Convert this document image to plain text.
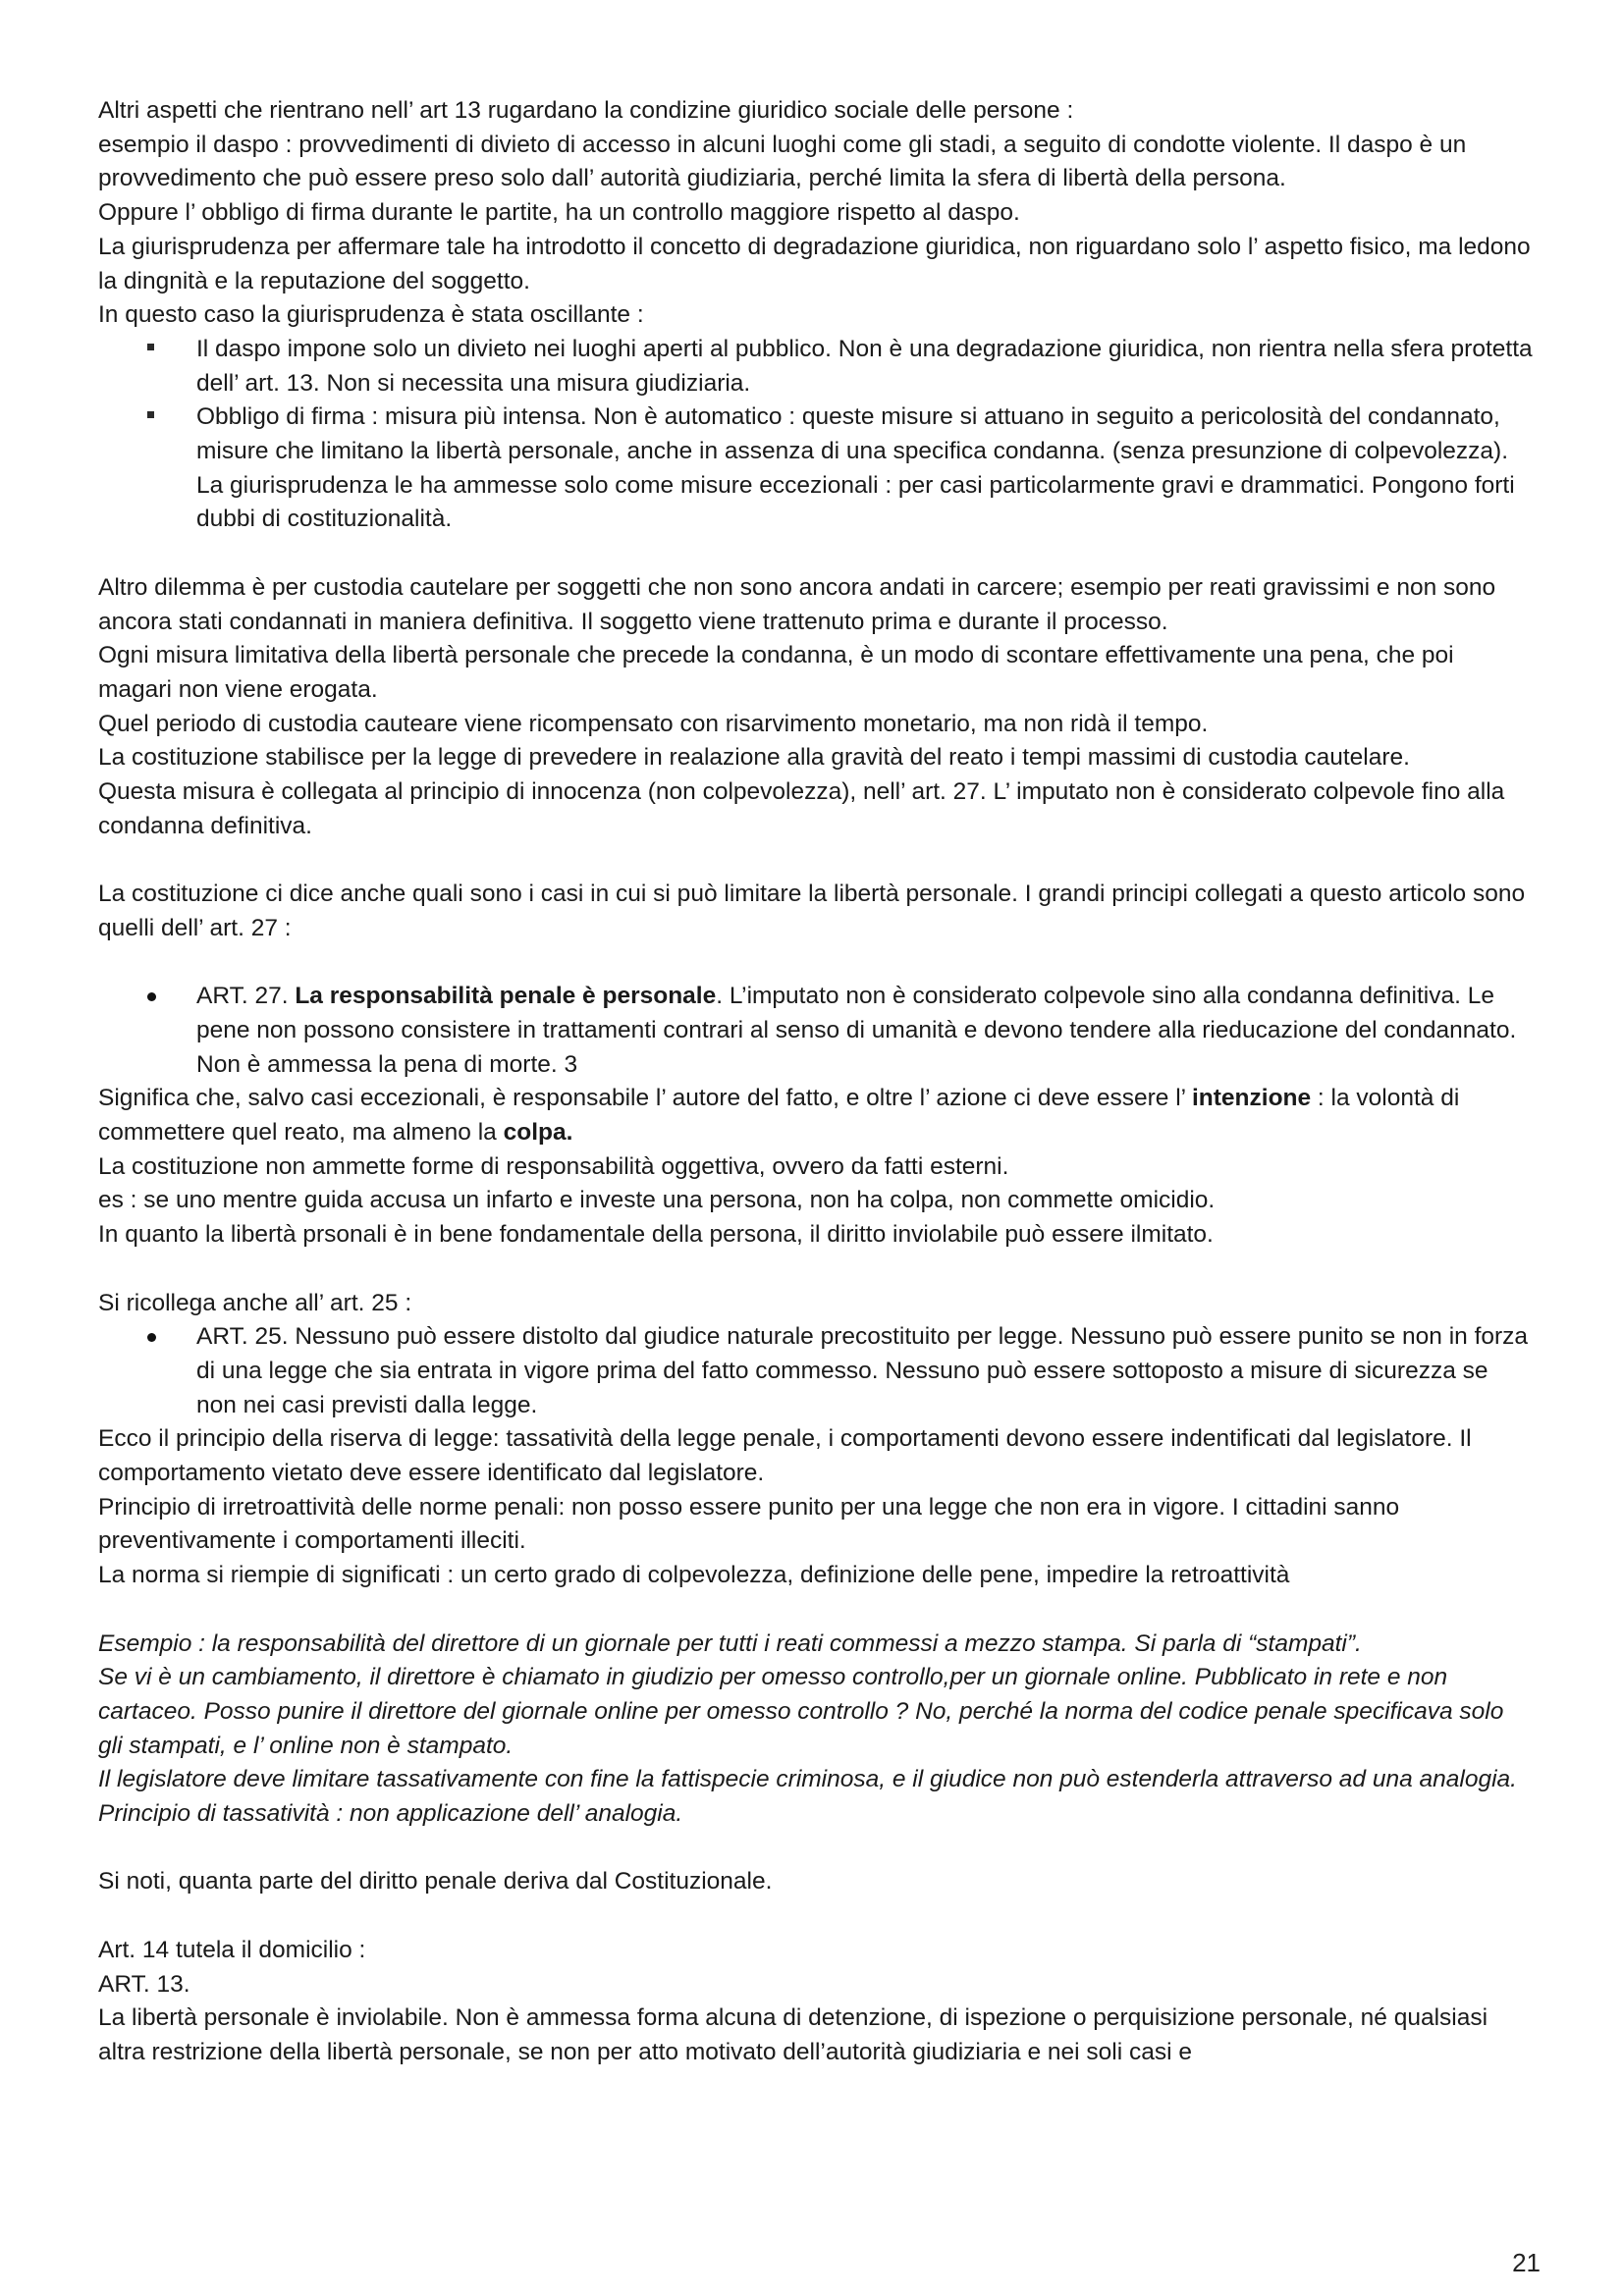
Altri aspetti che rientrano nell’ art 13 rugardano la condizine giuridico sociale delle persone :

esempio il daspo : provvedimenti di divieto di accesso in alcuni luoghi come gli stadi, a seguito di condotte violente. Il daspo è un provvedimento che può essere preso solo dall’ autorità giudiziaria, perché limita la sfera di libertà della persona.

Oppure l’ obbligo di firma durante le partite, ha un controllo maggiore rispetto al daspo.

La giurisprudenza per affermare tale ha introdotto il concetto di degradazione giuridica, non riguardano solo l’ aspetto fisico, ma ledono la dingnità e la reputazione del soggetto.

In questo caso la giurisprudenza è stata oscillante :

Il daspo impone solo un divieto nei luoghi aperti al pubblico. Non è una degradazione giuridica, non rientra nella sfera protetta dell’ art. 13. Non si necessita una misura giudiziaria.
Obbligo di firma : misura più intensa. Non è automatico : queste misure si attuano in seguito a pericolosità del condannato, misure che limitano la libertà personale, anche in assenza di una specifica condanna. (senza presunzione di colpevolezza). La giurisprudenza le ha ammesse solo come misure eccezionali : per casi particolarmente gravi e drammatici. Pongono forti dubbi di costituzionalità.

Altro dilemma è per custodia cautelare per soggetti che non sono ancora andati in carcere; esempio per reati gravissimi e non sono ancora stati condannati in maniera definitiva. Il soggetto viene trattenuto prima e durante il processo.

Ogni misura limitativa della libertà personale che precede la condanna, è un modo di scontare effettivamente una pena, che poi magari non viene erogata.

Quel periodo di custodia cauteare viene ricompensato con risarvimento monetario, ma non ridà il tempo.

La costituzione stabilisce per la legge di prevedere in realazione alla gravità del reato i tempi massimi di custodia cautelare.

Questa misura è collegata al principio di innocenza (non colpevolezza), nell’ art. 27. L’ imputato non è considerato colpevole fino alla condanna definitiva.

La costituzione ci dice anche quali sono i casi in cui si può limitare la libertà personale. I grandi principi collegati a questo articolo sono quelli dell’ art. 27 :

ART. 27. La responsabilità penale è personale. L’imputato non è considerato colpevole sino alla condanna definitiva. Le pene non possono consistere in trattamenti contrari al senso di umanità e devono tendere alla rieducazione del condannato. Non è ammessa la pena di morte. 3

Significa che, salvo casi eccezionali, è responsabile l’ autore del fatto, e oltre l’ azione ci deve essere l’ intenzione : la volontà di commettere quel reato, ma almeno la colpa.

La costituzione non ammette forme di responsabilità oggettiva, ovvero da fatti esterni.

es : se uno mentre guida accusa un infarto e investe una persona, non ha colpa, non commette omicidio.

In quanto la libertà prsonali è in bene fondamentale della persona, il diritto inviolabile può essere ilmitato.

Si ricollega anche all’ art. 25 :

ART. 25. Nessuno può essere distolto dal giudice naturale precostituito per legge. Nessuno può essere punito se non in forza di una legge che sia entrata in vigore prima del fatto commesso. Nessuno può essere sottoposto a misure di sicurezza se non nei casi previsti dalla legge.

Ecco il principio della riserva di legge: tassatività della legge penale, i comportamenti devono essere indentificati dal legislatore. Il comportamento vietato deve essere identificato dal legislatore.

Principio di irretroattività delle norme penali: non posso essere punito per una legge che non era in vigore. I cittadini sanno preventivamente i comportamenti illeciti.

La norma si riempie di significati : un certo grado di colpevolezza, definizione delle pene, impedire la retroattività

Esempio : la responsabilità del direttore di un giornale per tutti i reati commessi a mezzo stampa. Si parla di “stampati”.

Se vi è un cambiamento, il direttore è chiamato in giudizio per omesso controllo,per un giornale online. Pubblicato in rete e non cartaceo. Posso punire il direttore del giornale online per omesso controllo ? No, perché la norma del codice penale specificava solo gli stampati, e l’ online non è stampato.

Il legislatore deve limitare tassativamente con fine la fattispecie criminosa, e il giudice non può estenderla attraverso ad una analogia. Principio di tassatività : non applicazione dell’ analogia.

Si noti, quanta parte del diritto penale deriva dal Costituzionale.

Art. 14 tutela il domicilio :

ART. 13.

La libertà personale è inviolabile. Non è ammessa forma alcuna di detenzione, di ispezione o perquisizione personale, né qualsiasi altra restrizione della libertà personale, se non per atto motivato dell’autorità giudiziaria e nei soli casi e

21
